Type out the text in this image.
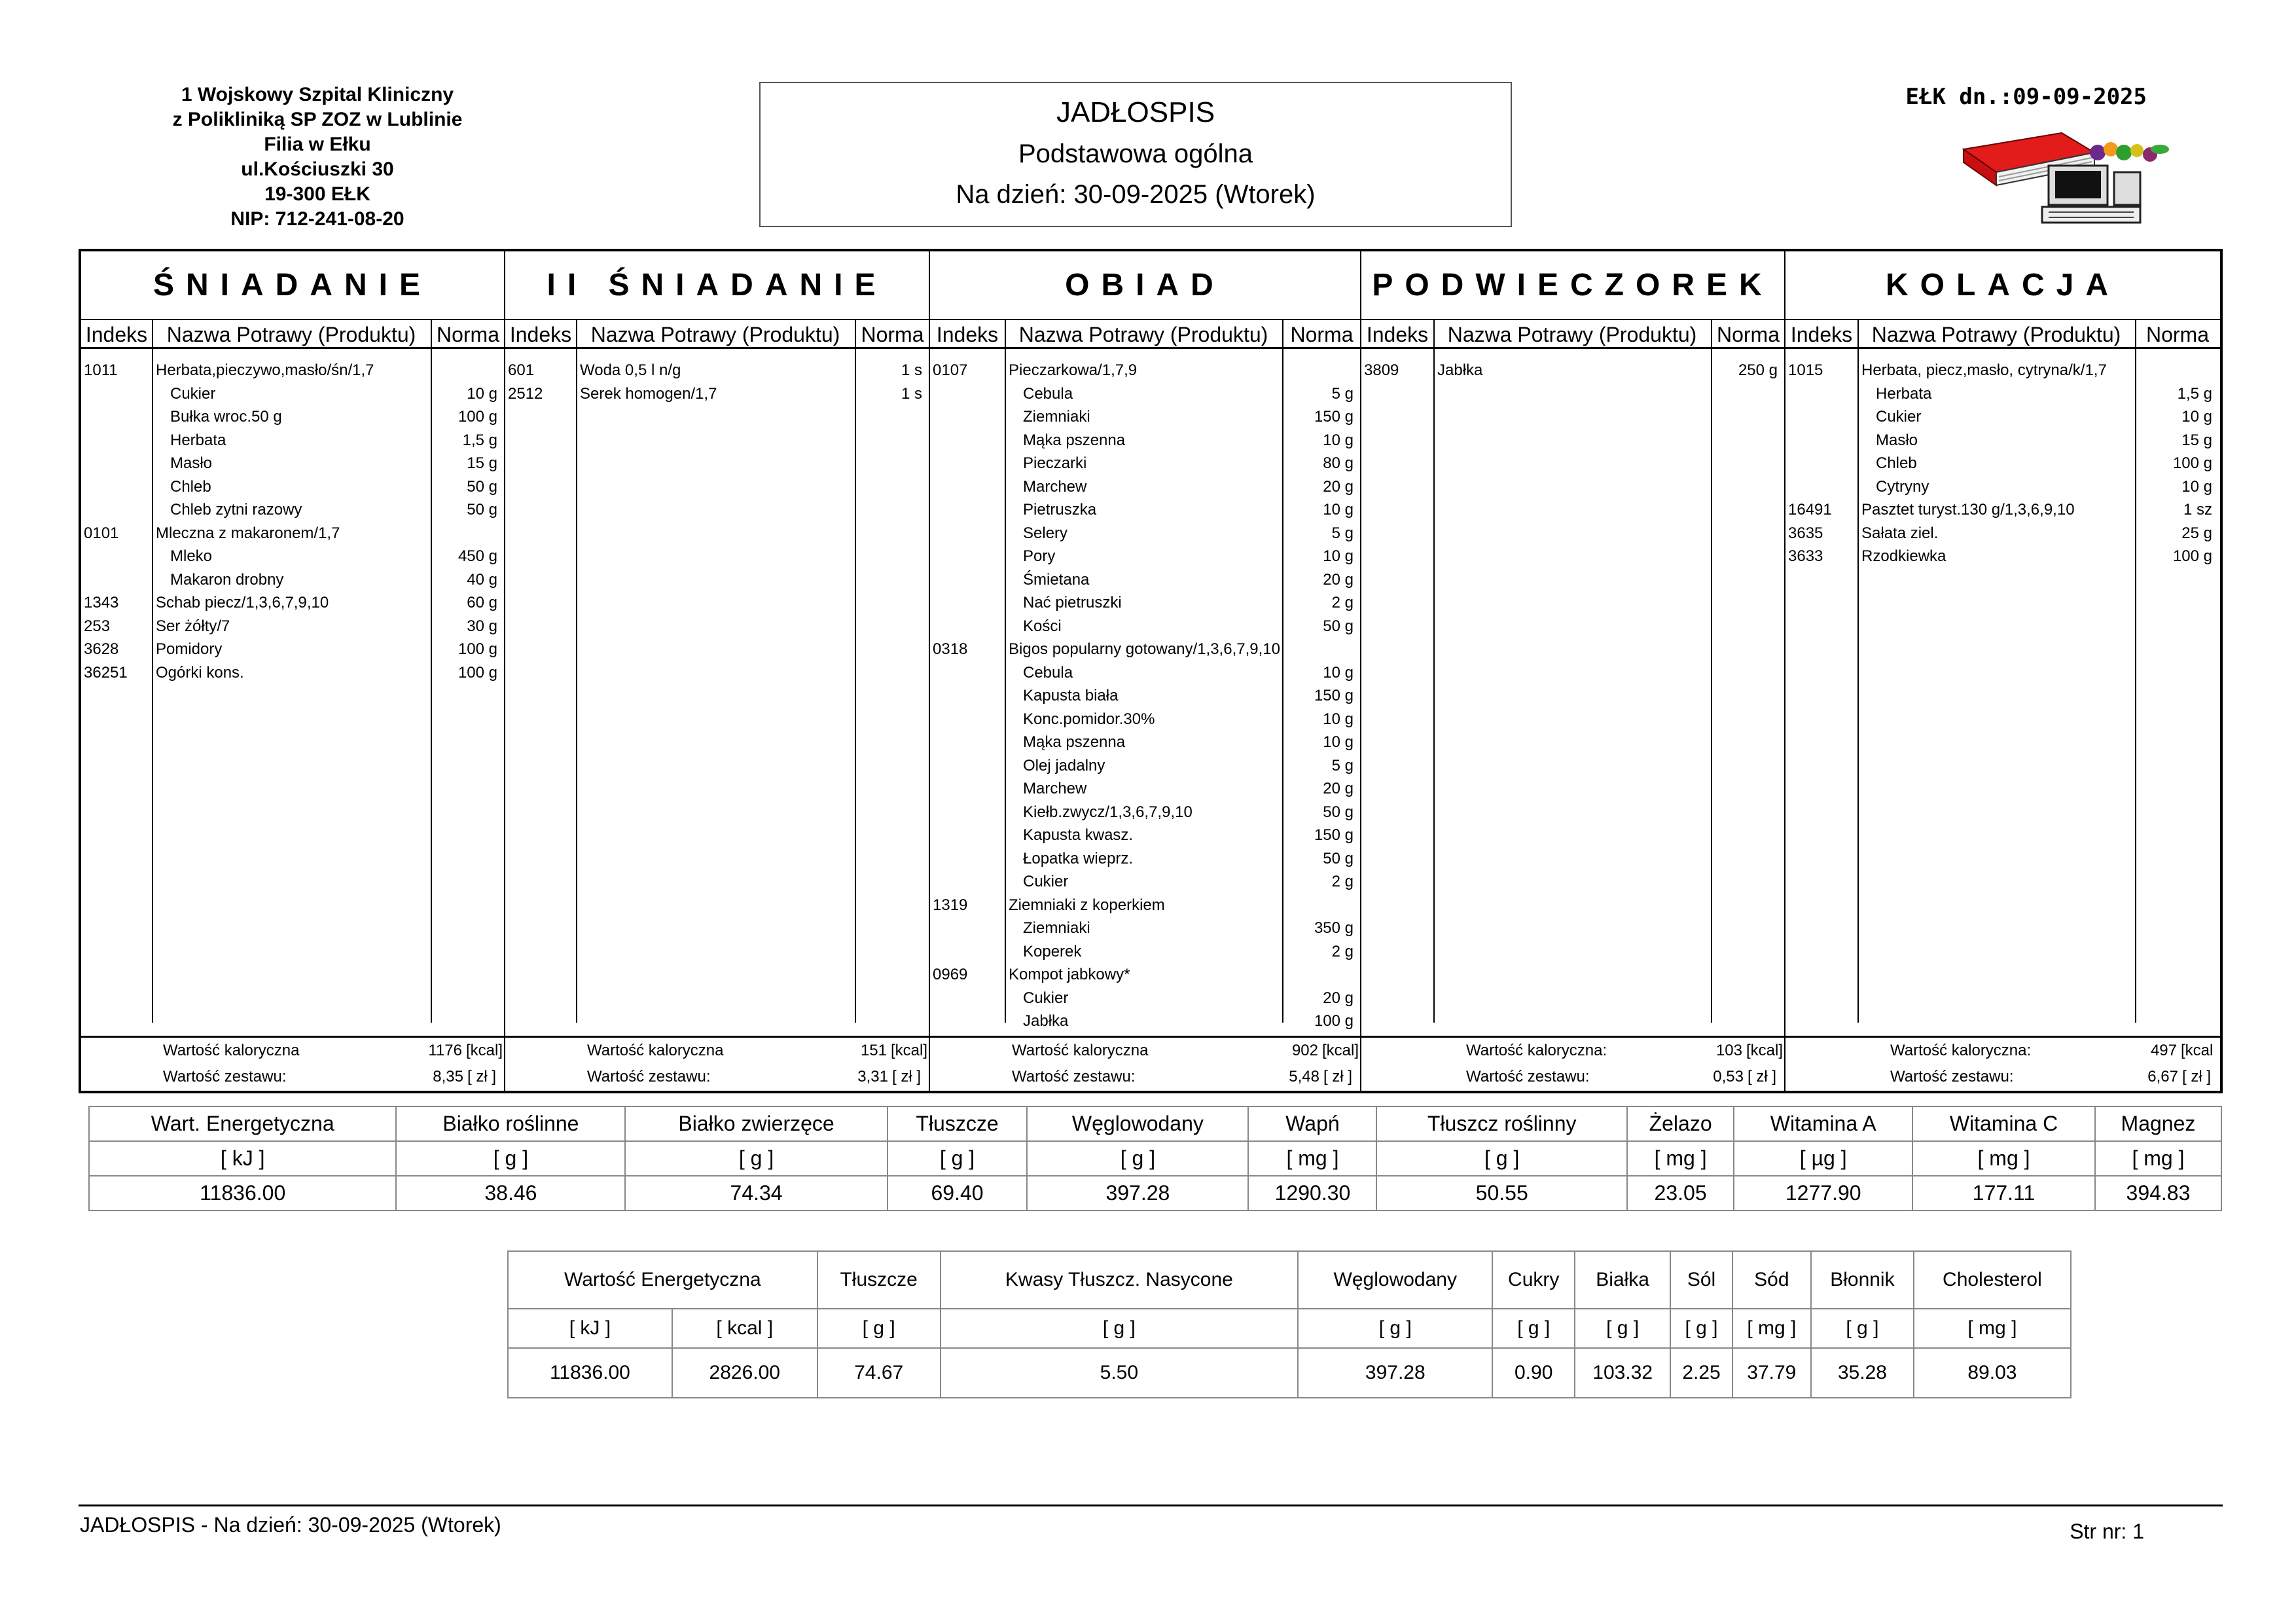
1 Wojskowy Szpital Kliniczny
z Polikliniką SP ZOZ w Lublinie
Filia w Ełku
ul.Kościuszki 30
19-300 EŁK
NIP: 712-241-08-20
JADŁOSPIS
Podstawowa ogólna
Na dzień: 30-09-2025 (Wtorek)
EŁK dn.:09-09-2025
ŚNIADANIE
Indeks Nazwa Potrawy (Produktu) Norma
1011 Herbata,pieczywo,masło/śn/1,7
Cukier	10 g
Bułka wroc.50 g	100 g
Herbata	1,5 g
Masło	15 g
Chleb	50 g
Chleb zytni razowy	50 g
0101 Mleczna z makaronem/1,7
Mleko	450 g
Makaron drobny	40 g
1343 Schab piecz/1,3,6,7,9,10	60 g
253	Ser żółty/7	30 g
3628 Pomidory	100 g
36251 Ogórki kons.	100 g
Wartość kaloryczna	1176 [kcal]
Wartość zestawu:	8,35 [ zł ]
II ŚNIADANIE
Indeks Nazwa Potrawy (Produktu)	Norma
601	Woda 0,5 l n/g	1 s
2512 Serek homogen/1,7	1 s
Wartość kaloryczna	151 [kcal]
Wartość zestawu:	3,31 [ zł ]
OBIAD
Indeks Nazwa Potrawy (Produktu)	Norma
0107	Pieczarkowa/1,7,9
Cebula	5 g
Ziemniaki	150 g
Mąka pszenna	10 g
Pieczarki	80 g
Marchew	20 g
Pietruszka	10 g
Selery	5 g
Pory	10 g
Śmietana	20 g
Nać pietruszki	2 g
Kości	50 g
0318	Bigos popularny gotowany/1,3,6,7,9,10
Cebula	10 g
Kapusta biała	150 g
Konc.pomidor.30%	10 g
Mąka pszenna	10 g
Olej jadalny	5 g
Marchew	20 g
Kiełb.zwycz/1,3,6,7,9,10	50 g
Kapusta kwasz.	150 g
Łopatka wieprz.	50 g
Cukier	2 g
1319	Ziemniaki z koperkiem
Ziemniaki	350 g
Koperek	2 g
0969	Kompot jabkowy*
Cukier	20 g
Jabłka	100 g
Wartość kaloryczna	902 [kcal]
Wartość zestawu:	5,48 [ zł ]
PODWIECZOREK
Indeks Nazwa Potrawy (Produktu) Norma
3809 Jabłka	250 g
Wartość kaloryczna:	103 [kcal]
Wartość zestawu:	0,53 [ zł ]
KOLACJA
Indeks Nazwa Potrawy (Produktu)	Norma
1015 Herbata, piecz,masło, cytryna/k/1,7
Herbata	1,5 g
Cukier	10 g
Masło	15 g
Chleb	100 g
Cytryny	10 g
16491 Pasztet turyst.130 g/1,3,6,9,10	1 sz
3635 Sałata ziel.	25 g
3633 Rzodkiewka	100 g
Wartość kaloryczna:	497 [kcal
Wartość zestawu:	6,67 [ zł ]
Wart. Energetyczna	Białko roślinne	Białko zwierzęce	Tłuszcze	Węglowodany	Wapń	Tłuszcz roślinny	Żelazo	Witamina A	Witamina C	Magnez
[ kJ ]	[ g ]	[ g ]	[ g ]	[ g ]	[ mg ]	[ g ]	[ mg ]	[ µg ]	[ mg ]	[ mg ]
11836.00	38.46	74.34	69.40	397.28	1290.30	50.55	23.05	1277.90	177.11	394.83
Wartość Energetyczna		Tłuszcze	Kwasy Tłuszcz. Nasycone	Węglowodany	Cukry	Białka	Sól	Sód	Błonnik	Cholesterol
[ kJ ]	[ kcal ]	[ g ]	[ g ]	[ g ]	[ g ]	[ g ]	[ g ]	[ mg ]	[ g ]	[ mg ]
11836.00	2826.00	74.67	5.50	397.28	0.90	103.32	2.25	37.79	35.28	89.03
JADŁOSPIS - Na dzień: 30-09-2025 (Wtorek)	Str nr: 1
